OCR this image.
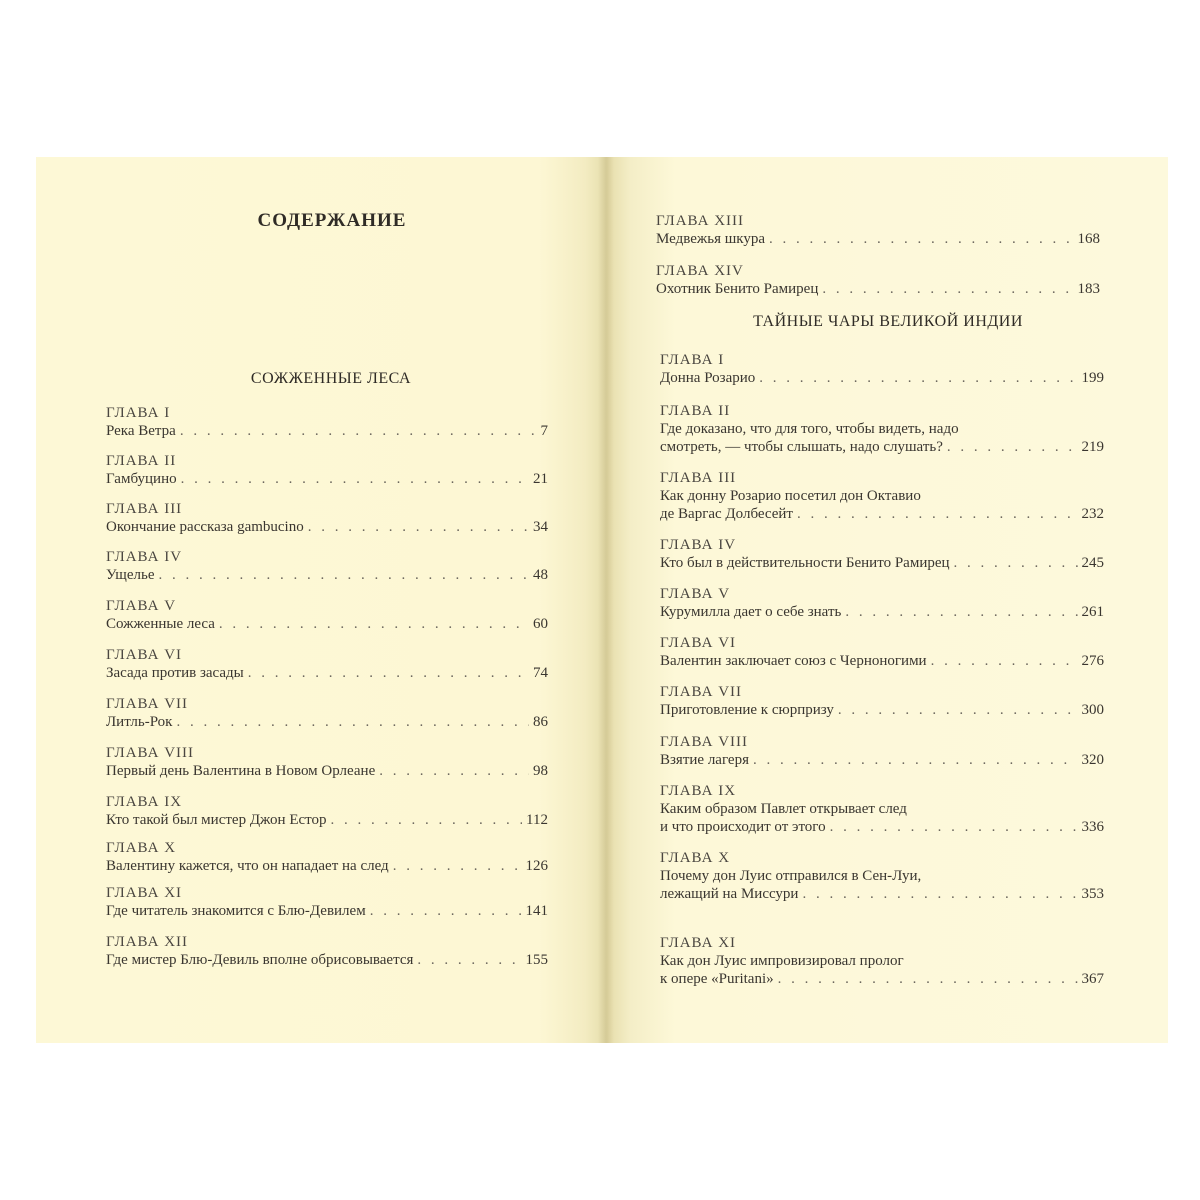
СОДЕРЖАНИЕ
СОЖЖЕННЫЕ ЛЕСА
ТАЙНЫЕ ЧАРЫ ВЕЛИКОЙ ИНДИИ
ГЛАВА I
Река Ветра . . .	7
ГЛАВА II
Гамбуцино . . .	21
ГЛАВА III
Окончание рассказа gambucino . . .	34
ГЛАВА IV
Ущелье . . .	48
ГЛАВА V
Сожженные леса . . .	60
ГЛАВА VI
Засада против засады . . .	74
ГЛАВА VII
Литль-Рок . . .	86
ГЛАВА VIII
Первый день Валентина в Новом Орлеане . . .	98
ГЛАВА IX
Кто такой был мистер Джон Естор . . .	112
ГЛАВА X
Валентину кажется, что он нападает на след . . .	126
ГЛАВА XI
Где читатель знакомится с Блю-Девилем . . .	141
ГЛАВА XII
Где мистер Блю-Девиль вполне обрисовывается . . .	155
ГЛАВА XIII
Медвежья шкура . . .	168
ГЛАВА XIV
Охотник Бенито Рамирец . . .	183
ГЛАВА I
Донна Розарио . . .	199
ГЛАВА II
Где доказано, что для того, чтобы видеть, надо
смотреть, — чтобы слышать, надо слушать? . . .	219
ГЛАВА III
Как донну Розарио посетил дон Октавио
де Варгас Долбесейт . . .	232
ГЛАВА IV
Кто был в действительности Бенито Рамирец . . .	245
ГЛАВА V
Курумилла дает о себе знать . . .	261
ГЛАВА VI
Валентин заключает союз с Черноногими . . .	276
ГЛАВА VII
Приготовление к сюрпризу . . .	300
ГЛАВА VIII
Взятие лагеря . . .	320
ГЛАВА IX
Каким образом Павлет открывает след
и что происходит от этого . . .	336
ГЛАВА X
Почему дон Луис отправился в Сен-Луи,
лежащий на Миссури . . .	353
ГЛАВА XI
Как дон Луис импровизировал пролог
к опере «Puritani» . . .	367
